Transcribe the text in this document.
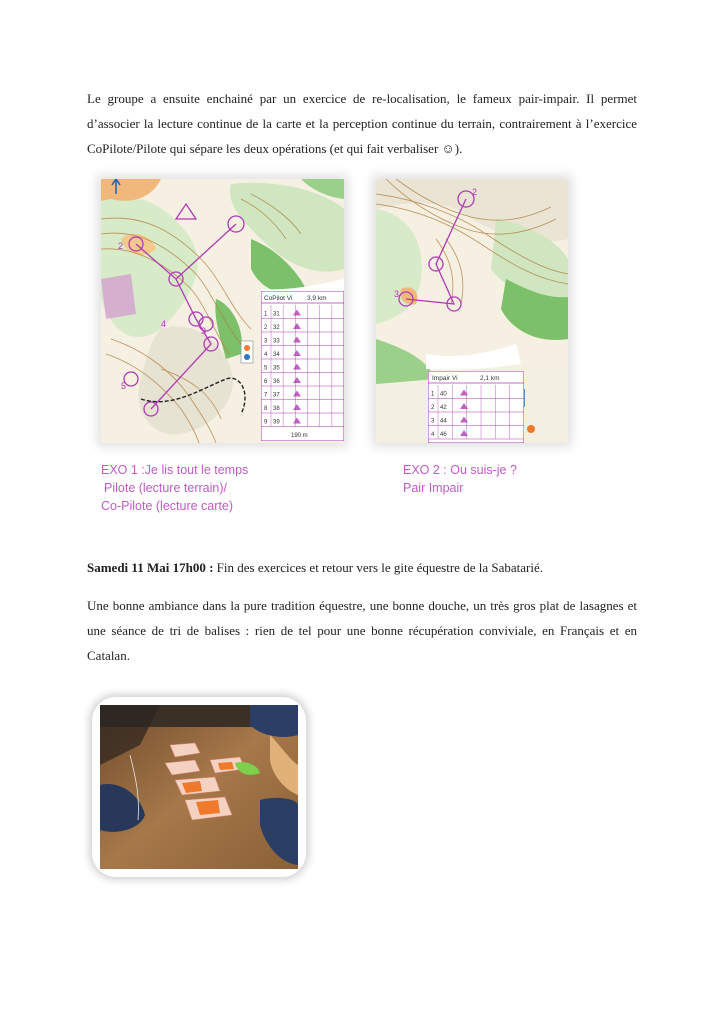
Le groupe a ensuite enchainé par un exercice de re-localisation, le fameux pair-impair. Il permet d’associer la lecture continue de la carte et la perception continue du terrain, contrairement à l’exercice CoPilote/Pilote qui sépare les deux opérations (et qui fait verbaliser ☺).

2
3
5
4
CoPilot Vi 3,9 km
1 31
2 32
3 33
4 34
5 35
6 36
7 37
8 38
9 39
190 m
2
3
Impair Vi	2,1 km
1 40
2 42
3 44
4 46
EXO 1 :Je lis tout le temps
Pilote (lecture terrain)/
Co-Pilote (lecture carte)
EXO 2 : Ou suis-je ?
Pair Impair

Samedi 11 Mai 17h00 : Fin des exercices et retour vers le gite équestre de la Sabatarié.

Une bonne ambiance dans la pure tradition équestre, une bonne douche, un très gros plat de lasagnes et une séance de tri de balises : rien de tel pour une bonne récupération conviviale, en Français et en Catalan.
